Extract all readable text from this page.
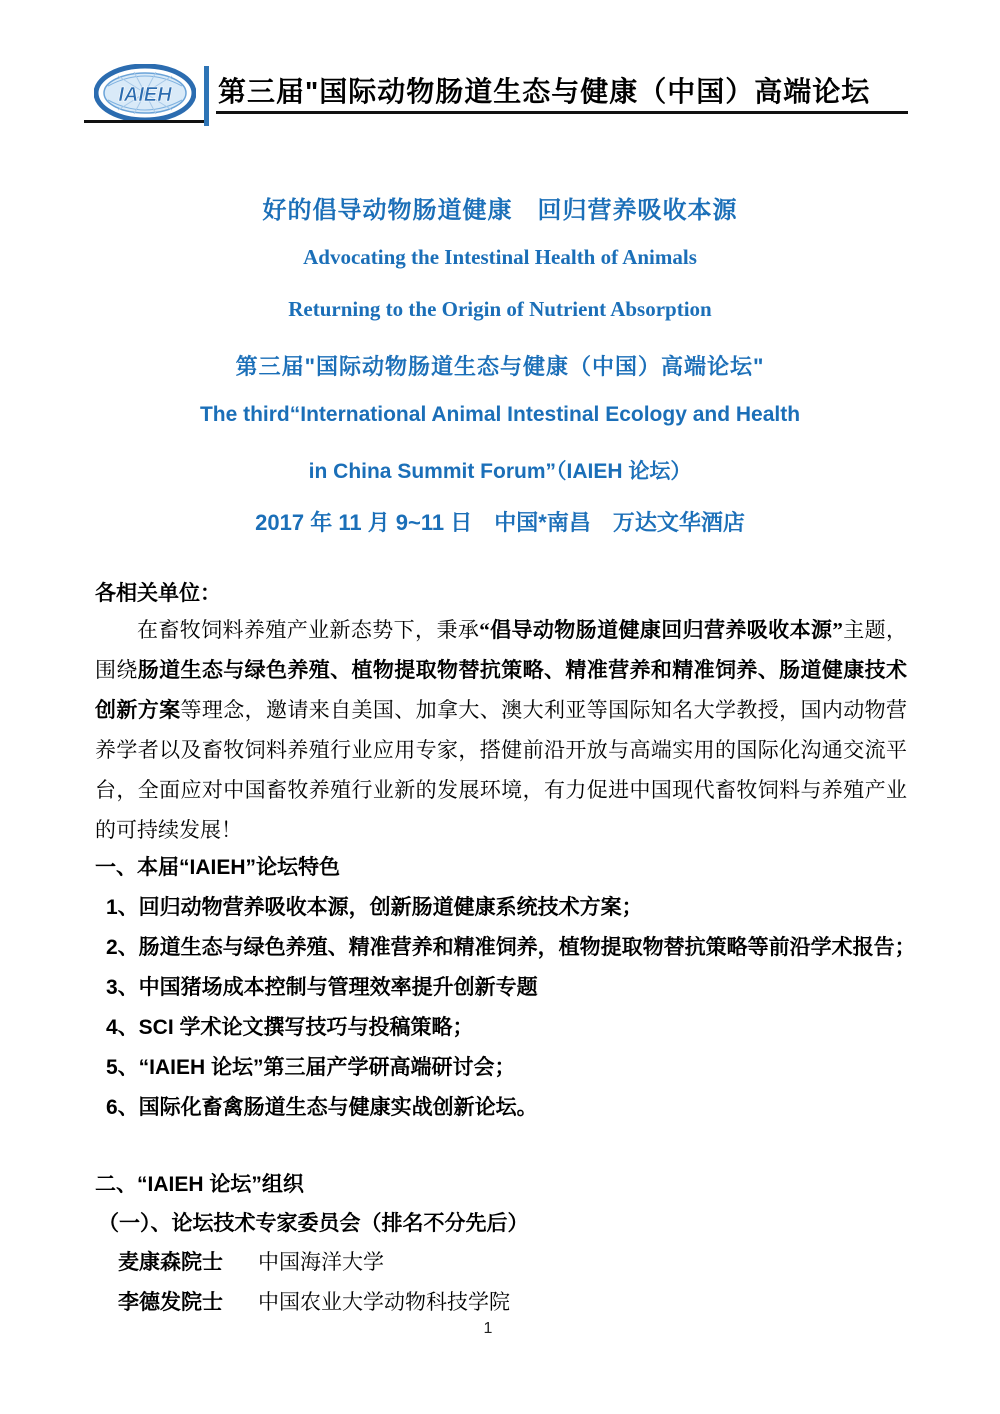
IAIEH 第三届"国际动物肠道生态与健康（中国）高端论坛
好的倡导动物肠道健康　回归营养吸收本源
Advocating the Intestinal Health of Animals
Returning to the Origin of Nutrient Absorption
第三届"国际动物肠道生态与健康（中国）高端论坛"
The third“International Animal Intestinal Ecology and Health
in China Summit Forum”（IAIEH 论坛）
2017 年 11 月 9~11 日　中国*南昌　万达文华酒店
各相关单位：
在畜牧饲料养殖产业新态势下，秉承“倡导动物肠道健康回归营养吸收本源”主题，围绕肠道生态与绿色养殖、植物提取物替抗策略、精准营养和精准饲养、肠道健康技术创新方案等理念，邀请来自美国、加拿大、澳大利亚等国际知名大学教授，国内动物营养学者以及畜牧饲料养殖行业应用专家，搭健前沿开放与高端实用的国际化沟通交流平台，全面应对中国畜牧养殖行业新的发展环境，有力促进中国现代畜牧饲料与养殖产业的可持续发展！
一、本届“IAIEH”论坛特色
1、回归动物营养吸收本源，创新肠道健康系统技术方案；
2、肠道生态与绿色养殖、精准营养和精准饲养，植物提取物替抗策略等前沿学术报告；
3、中国猪场成本控制与管理效率提升创新专题
4、SCI 学术论文撰写技巧与投稿策略；
5、“IAIEH 论坛”第三届产学研高端研讨会；
6、国际化畜禽肠道生态与健康实战创新论坛。
二、“IAIEH 论坛”组织
（一）、论坛技术专家委员会（排名不分先后）
麦康森院士 中国海洋大学
李德发院士 中国农业大学动物科技学院
1
